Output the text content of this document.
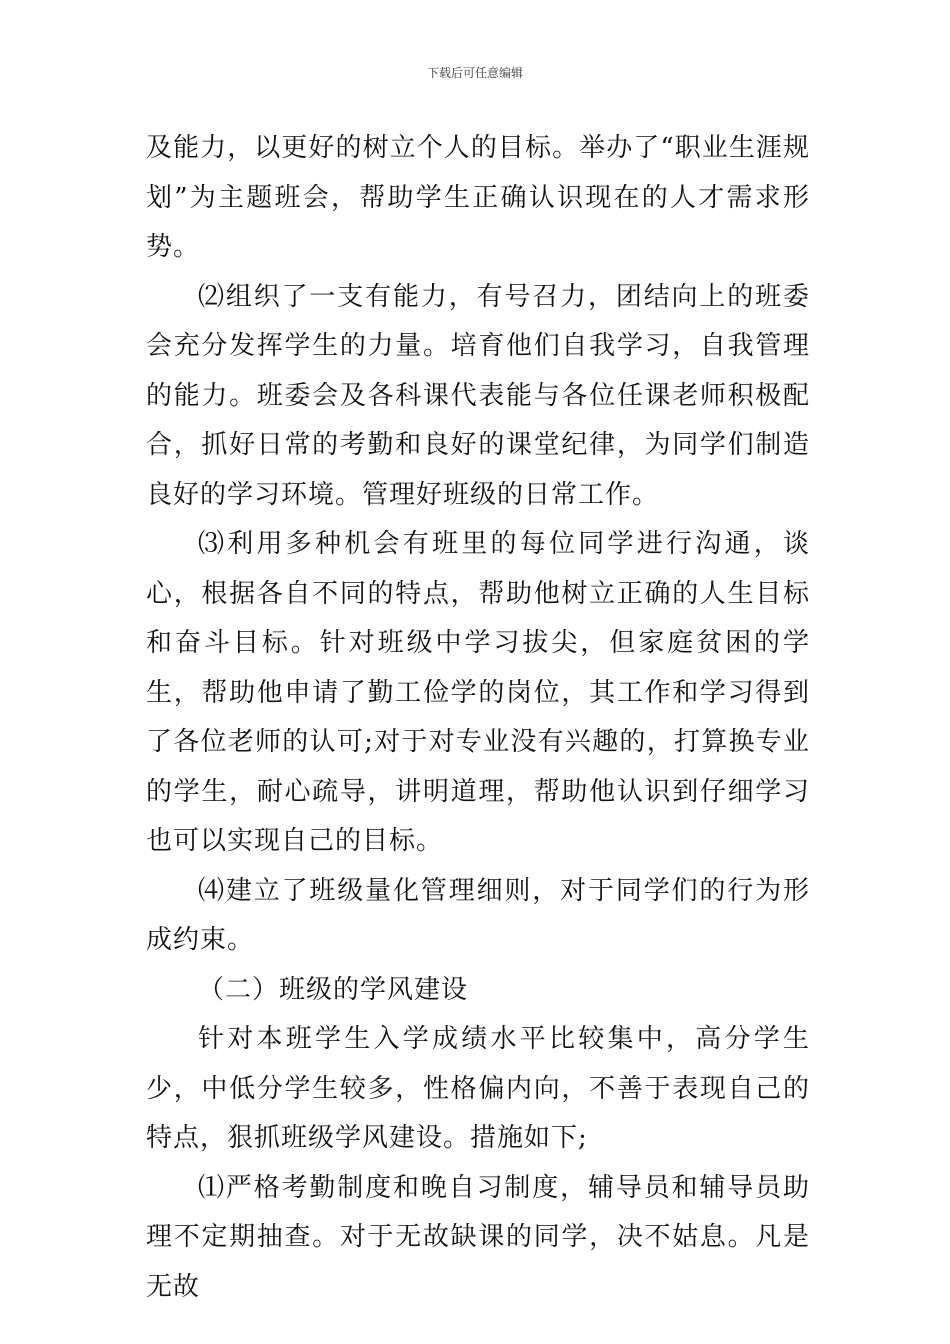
下载后可任意编辑

及能力，以更好的树立个人的目标。举办了“职业生涯规划”为主题班会，帮助学生正确认识现在的人才需求形势。

⑵组织了一支有能力，有号召力，团结向上的班委会充分发挥学生的力量。培育他们自我学习，自我管理的能力。班委会及各科课代表能与各位任课老师积极配合，抓好日常的考勤和良好的课堂纪律，为同学们制造良好的学习环境。管理好班级的日常工作。

⑶利用多种机会有班里的每位同学进行沟通，谈心，根据各自不同的特点，帮助他树立正确的人生目标和奋斗目标。针对班级中学习拔尖，但家庭贫困的学生，帮助他申请了勤工俭学的岗位，其工作和学习得到了各位老师的认可;对于对专业没有兴趣的，打算换专业的学生，耐心疏导，讲明道理，帮助他认识到仔细学习也可以实现自己的目标。

⑷建立了班级量化管理细则，对于同学们的行为形成约束。

（二）班级的学风建设

针对本班学生入学成绩水平比较集中，高分学生少，中低分学生较多，性格偏内向，不善于表现自己的特点，狠抓班级学风建设。措施如下;

⑴严格考勤制度和晚自习制度，辅导员和辅导员助理不定期抽查。对于无故缺课的同学，决不姑息。凡是无故
